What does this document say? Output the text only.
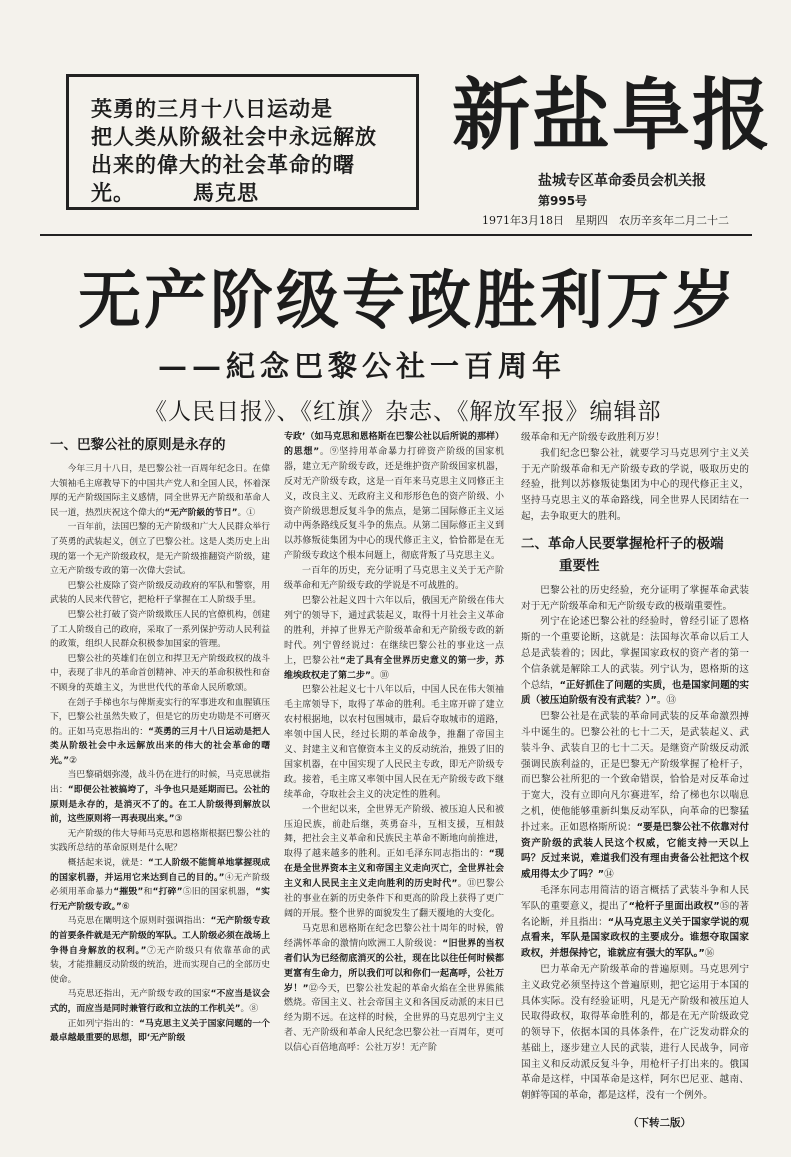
英勇的三月十八日运动是
把人类从阶級社会中永远解放
出来的偉大的社会革命的曙
光。	馬克思
新盐阜报
盐城专区革命委员会机关报
第995号
1971年3月18日　星期四　农历辛亥年二月二十二
无产阶级专政胜利万岁
——紀念巴黎公社一百周年
《人民日报》、《红旗》杂志、《解放军报》编辑部
一、巴黎公社的原则是永存的

今年三月十八日，是巴黎公社一百周年纪念日。在偉大領袖毛主席教导下的中国共产党人和全国人民，怀着深厚的无产阶级国际主义感情，同全世界无产阶级和革命人民一道，热烈庆祝这个偉大的“无产阶級的节日”。①

一百年前，法国巴黎的无产阶级和广大人民群众举行了英勇的武装起义，创立了巴黎公社。这是人类历史上出现的第一个无产阶级政权，是无产阶级推翻资产阶级，建立无产阶级专政的第一次偉大尝试。

巴黎公社废除了资产阶级反动政府的军队和警察，用武装的人民来代替它，把枪杆子掌握在工人阶级手里。

巴黎公社打破了资产阶级欺压人民的官僚机构，创建了工人阶级自己的政府，采取了一系列保护劳动人民利益的政策，组织人民群众积极参加国家的管理。

巴黎公社的英雄们在创立和捍卫无产阶级政权的战斗中，表现了非凡的革命首创精神、冲天的革命积极性和奋不顾身的英雄主义，为世世代代的革命人民所歌颂。

在刽子手梯也尔与俾斯麦实行的军事进攻和血腥镇压下，巴黎公社虽然失败了，但是它的历史功勋是不可磨灭的。正如马克思指出的：“英勇的三月十八日运动是把人类从阶级社会中永远解放出来的伟大的社会革命的曙光。”②

当巴黎硝烟弥漫，战斗仍在进行的时候，马克思就指出：“即便公社被搞垮了，斗争也只是延期而已。公社的原则是永存的，是消灭不了的。在工人阶级得到解放以前，这些原则将一再表现出来。”③

无产阶级的伟大导师马克思和恩格斯根据巴黎公社的实践所总结的革命原则是什么呢？

概括起来说，就是：“工人阶级不能简单地掌握现成的国家机器，并运用它来达到自己的目的。”④无产阶级必须用革命暴力“摧毁”和“打碎”⑤旧的国家机器，“实行无产阶级专政。”⑥

马克思在闡明这个原则时强调指出：“无产阶级专政的首要条件就是无产阶级的军队。工人阶级必须在战场上争得自身解放的权利。”⑦无产阶级只有依靠革命的武装，才能推翻反动阶级的统治，进而实现自己的全部历史使命。

马克思还指出，无产阶级专政的国家“不应当是议会式的，而应当是同时兼管行政和立法的工作机关”。⑧

正如列宁指出的：“马克思主义关于国家问题的一个最卓越最重要的思想，即‘无产阶级

专政’（如马克思和恩格斯在巴黎公社以后所说的那样）的思想”。⑨坚持用革命暴力打碎资产阶级的国家机器，建立无产阶级专政，还是维护资产阶级国家机器，反对无产阶级专政，这是一百年来马克思主义同修正主义，改良主义、无政府主义和形形色色的资产阶级、小资产阶级思想反复斗争的焦点，是第二国际修正主义运动中两条路线反复斗争的焦点。从第二国际修正主义到以苏修叛徒集团为中心的现代修正主义，恰恰都是在无产阶级专政这个根本问题上，彻底背叛了马克思主义。

一百年的历史，充分证明了马克思主义关于无产阶级革命和无产阶级专政的学说是不可战胜的。

巴黎公社起义四十六年以后，俄国无产阶级在伟大列宁的领导下，通过武装起义，取得十月社会主义革命的胜利，并掉了世界无产阶级革命和无产阶级专政的新时代。列宁曾经说过：在继续巴黎公社的事业这一点上，巴黎公社“走了具有全世界历史意义的第一步，苏维埃政权走了第二步”。⑩

巴黎公社起义七十八年以后，中国人民在伟大领袖毛主席领导下，取得了革命的胜利。毛主席开辟了建立农村根据地，以农村包围城市，最后夺取城市的道路，率领中国人民，经过长期的革命战争，推翻了帝国主义、封建主义和官僚资本主义的反动统治，推毁了旧的国家机器，在中国实现了人民民主专政，即无产阶级专政。接着，毛主席又率领中国人民在无产阶级专政下继续革命，夺取社会主义的决定性的胜利。

一个世纪以来，全世界无产阶级、被压迫人民和被压迫民族，前赴后继，英勇奋斗，互相支援，互相鼓舞，把社会主义革命和民族民主革命不断地向前推进，取得了越来越多的胜利。正如毛泽东同志指出的：“现在是全世界资本主义和帝国主义走向灭亡，全世界社会主义和人民民主主义走向胜利的历史时代”。⑪巴黎公社的事业在新的历史条件下和更高的阶段上获得了更广阔的开展。整个世界的面貌发生了翻天覆地的大变化。

马克思和恩格斯在纪念巴黎公社十周年的时候，曾经满怀革命的激情向欧洲工人阶级说：“旧世界的当权者们认为已经彻底消灭的公社，现在比以往任何时候都更富有生命力，所以我们可以和你们一起高呼，公社万岁！”⑫今天，巴黎公社发起的革命火焰在全世界熊熊燃烧。帝国主义、社会帝国主义和各国反动派的末日已经为期不远。在这样的时候，全世界的马克思列宁主义者、无产阶级和革命人民纪念巴黎公社一百周年，更可以信心百倍地高呼：公社万岁！无产阶

级革命和无产阶级专政胜利万岁！

我们纪念巴黎公社，就要学习马克思列宁主义关于无产阶级革命和无产阶级专政的学说，吸取历史的经验，批判以苏修叛徒集团为中心的现代修正主义，坚持马克思主义的革命路线，同全世界人民团结在一起，去争取更大的胜利。

二、革命人民要掌握枪杆子的极端
重要性

巴黎公社的历史经验，充分证明了掌握革命武装对于无产阶级革命和无产阶级专政的极端重要性。

列宁在论述巴黎公社的经验时，曾经引证了恩格斯的一个重要论断，这就是：法国每次革命以后工人总是武装着的；因此，掌握国家政权的资产者的第一个信条就是解除工人的武装。列宁认为，恩格斯的这个总结，“正好抓住了问题的实质，也是国家问题的实质（被压迫阶级有没有武装？）”。⑬

巴黎公社是在武装的革命同武装的反革命激烈搏斗中诞生的。巴黎公社的七十二天，是武装起义、武装斗争、武装自卫的七十二天。是继资产阶级反动派强调民族利益的，正是巴黎无产阶级掌握了枪杆子，而巴黎公社所犯的一个致命错误，恰恰是对反革命过于宽大，没有立即向凡尔赛进军，给了梯也尔以喘息之机，使他能够重新纠集反动军队，向革命的巴黎猛扑过来。正如恩格斯所说：“要是巴黎公社不依靠对付资产阶级的武装人民这个权威，它能支持一天以上吗？反过来说，难道我们没有理由责备公社把这个权威用得太少了吗？”⑭

毛泽东同志用简洁的语言概括了武装斗争和人民军队的重要意义，提出了“枪杆子里面出政权”⑮的著名论断，并且指出：“从马克思主义关于国家学说的观点看来，军队是国家政权的主要成分。谁想夺取国家政权，并想保持它，谁就应有强大的军队。”⑯

巴力革命无产阶级革命的普遍原则。马克思列宁主义政党必须坚持这个普遍原则，把它运用于本国的具体实际。没有经验证明，凡是无产阶级和被压迫人民取得政权，取得革命胜利的，都是在无产阶级政党的领导下，依据本国的具体条件，在广泛发动群众的基础上，逐步建立人民的武装，进行人民战争，同帝国主义和反动派反复斗争，用枪杆子打出来的。俄国革命是这样，中国革命是这样，阿尔巴尼亚、越南、朝鲜等国的革命，都是这样，没有一个例外。

（下转二版）
